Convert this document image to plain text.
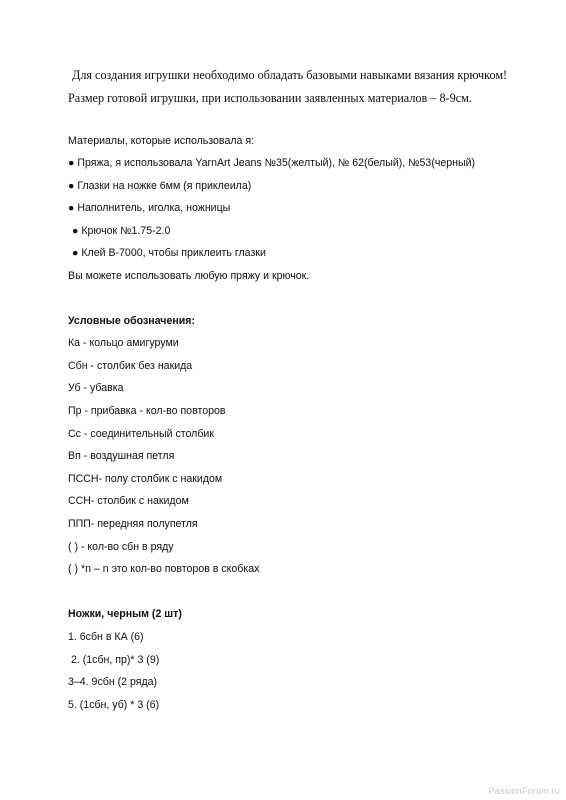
Для создания игрушки необходимо обладать базовыми навыками вязания крючком!
Размер готовой игрушки, при использовании заявленных материалов – 8-9см.
Материалы, которые использовала я:
● Пряжа, я использовала YarnArt Jeans №35(желтый), № 62(белый), №53(черный)
● Глазки на ножке 6мм (я приклеила)
● Наполнитель, иголка, ножницы
● Крючок №1.75-2.0
● Клей B-7000, чтобы приклеить глазки
Вы можете использовать любую пряжу и крючок.
Условные обозначения:
Ка - кольцо амигуруми
Сбн - столбик без накида
Уб - убавка
Пр - прибавка - кол-во повторов
Сс - соединительный столбик
Вп - воздушная петля
ПССН- полу столбик с накидом
ССН- столбик с накидом
ППП- передняя полупетля
( ) - кол-во сбн в ряду
( ) *n – n это кол-во повторов в скобках
Ножки, черным (2 шт)
1. 6сбн в КА (6)
2. (1сбн, пр)* 3 (9)
3–4. 9сбн (2 ряда)
5. (1сбн, уб) * 3 (6)
PassionForum.ru
